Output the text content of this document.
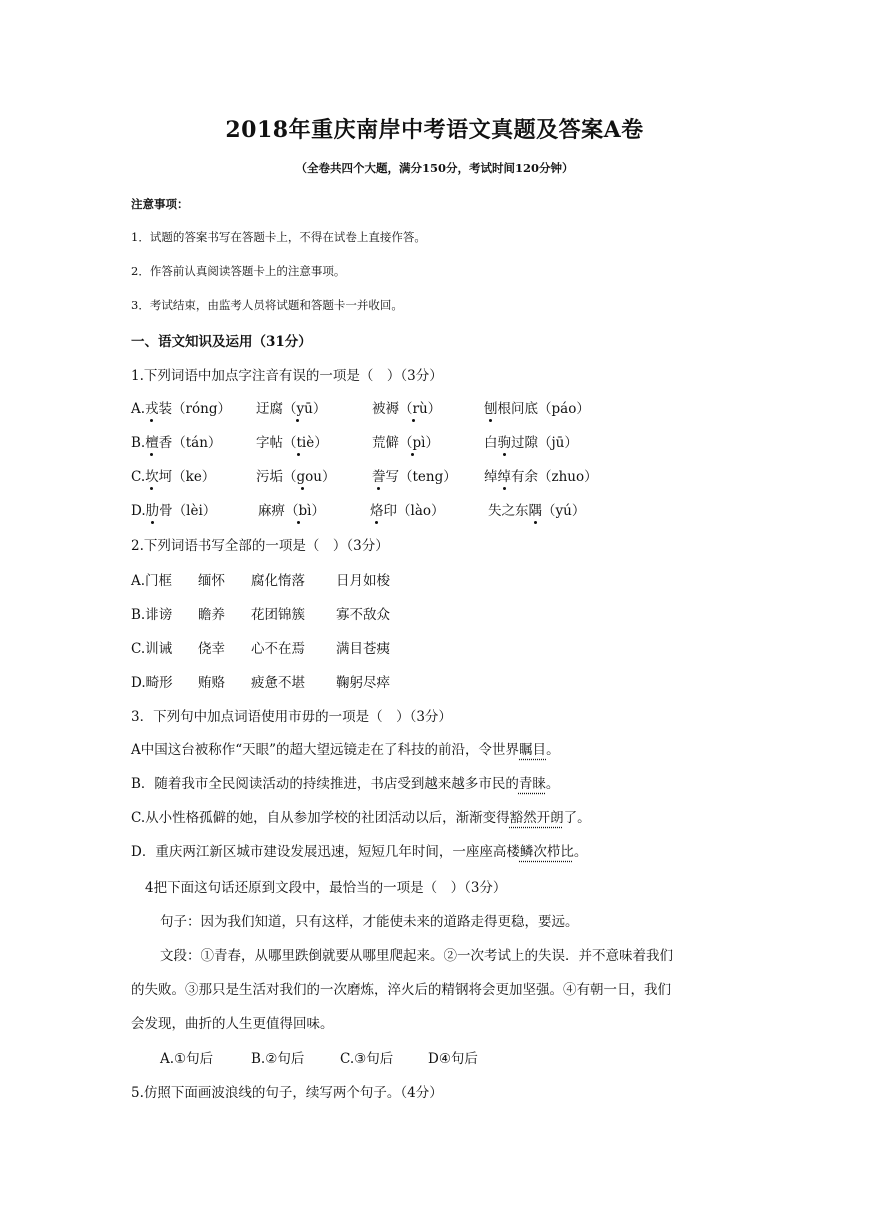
2018年重庆南岸中考语文真题及答案A卷
（全卷共四个大题，满分150分，考试时间120分钟）
注意事项：
1．试题的答案书写在答题卡上，不得在试卷上直接作答。
2．作答前认真阅读答题卡上的注意事项。
3．考试结束，由监考人员将试题和答题卡一并收回。
一、语文知识及运用（31分）
1.下列词语中加点字注音有误的一项是（　）（3分）
A.戎装（róng） 迂腐（yū）	被褥（rù）	刨根问底（páo）
B.檀香（tán）	字帖（tiè）	荒僻（pì）	白驹过隙（jū）
C.坎坷（ke）	污垢（gou）	誊写（teng） 绰绰有余（zhuo）
D.肋骨（lèi）	麻痹（bì）	烙印（lào）	失之东隅（yú）
2.下列词语书写全部的一项是（　）（3分）
A.门框 缅怀 腐化惰落 日月如梭
B.诽谤 瞻养 花团锦簇 寡不敌众
C.训诫 侥幸 心不在焉 满目苍痍
D.畸形 贿赂 疲惫不堪 鞠躬尽瘁
3．下列句中加点词语使用市毋的一项是（　）（3分）
A中国这台被称作“天眼”的超大望远镜走在了科技的前沿，令世界瞩目。
B．随着我市全民阅读活动的持续推进，书店受到越来越多市民的青睐。
C.从小性格孤僻的她，自从参加学校的社团活动以后，渐渐变得豁然开朗了。
D．重庆两江新区城市建设发展迅速，短短几年时间，一座座高楼鳞次栉比。
4把下面这句话还原到文段中，最恰当的一项是（　）（3分）
句子：因为我们知道，只有这样，才能使未来的道路走得更稳，要远。
文段：①青春，从哪里跌倒就要从哪里爬起来。②一次考试上的失误．并不意味着我们
的失败。③那只是生活对我们的一次磨炼，淬火后的精钢将会更加坚强。④有朝一日，我们
会发现，曲折的人生更值得回味。
A.①句后	B.②句后	C.③句后	D④句后
5.仿照下面画波浪线的句子，续写两个句子。（4分）
